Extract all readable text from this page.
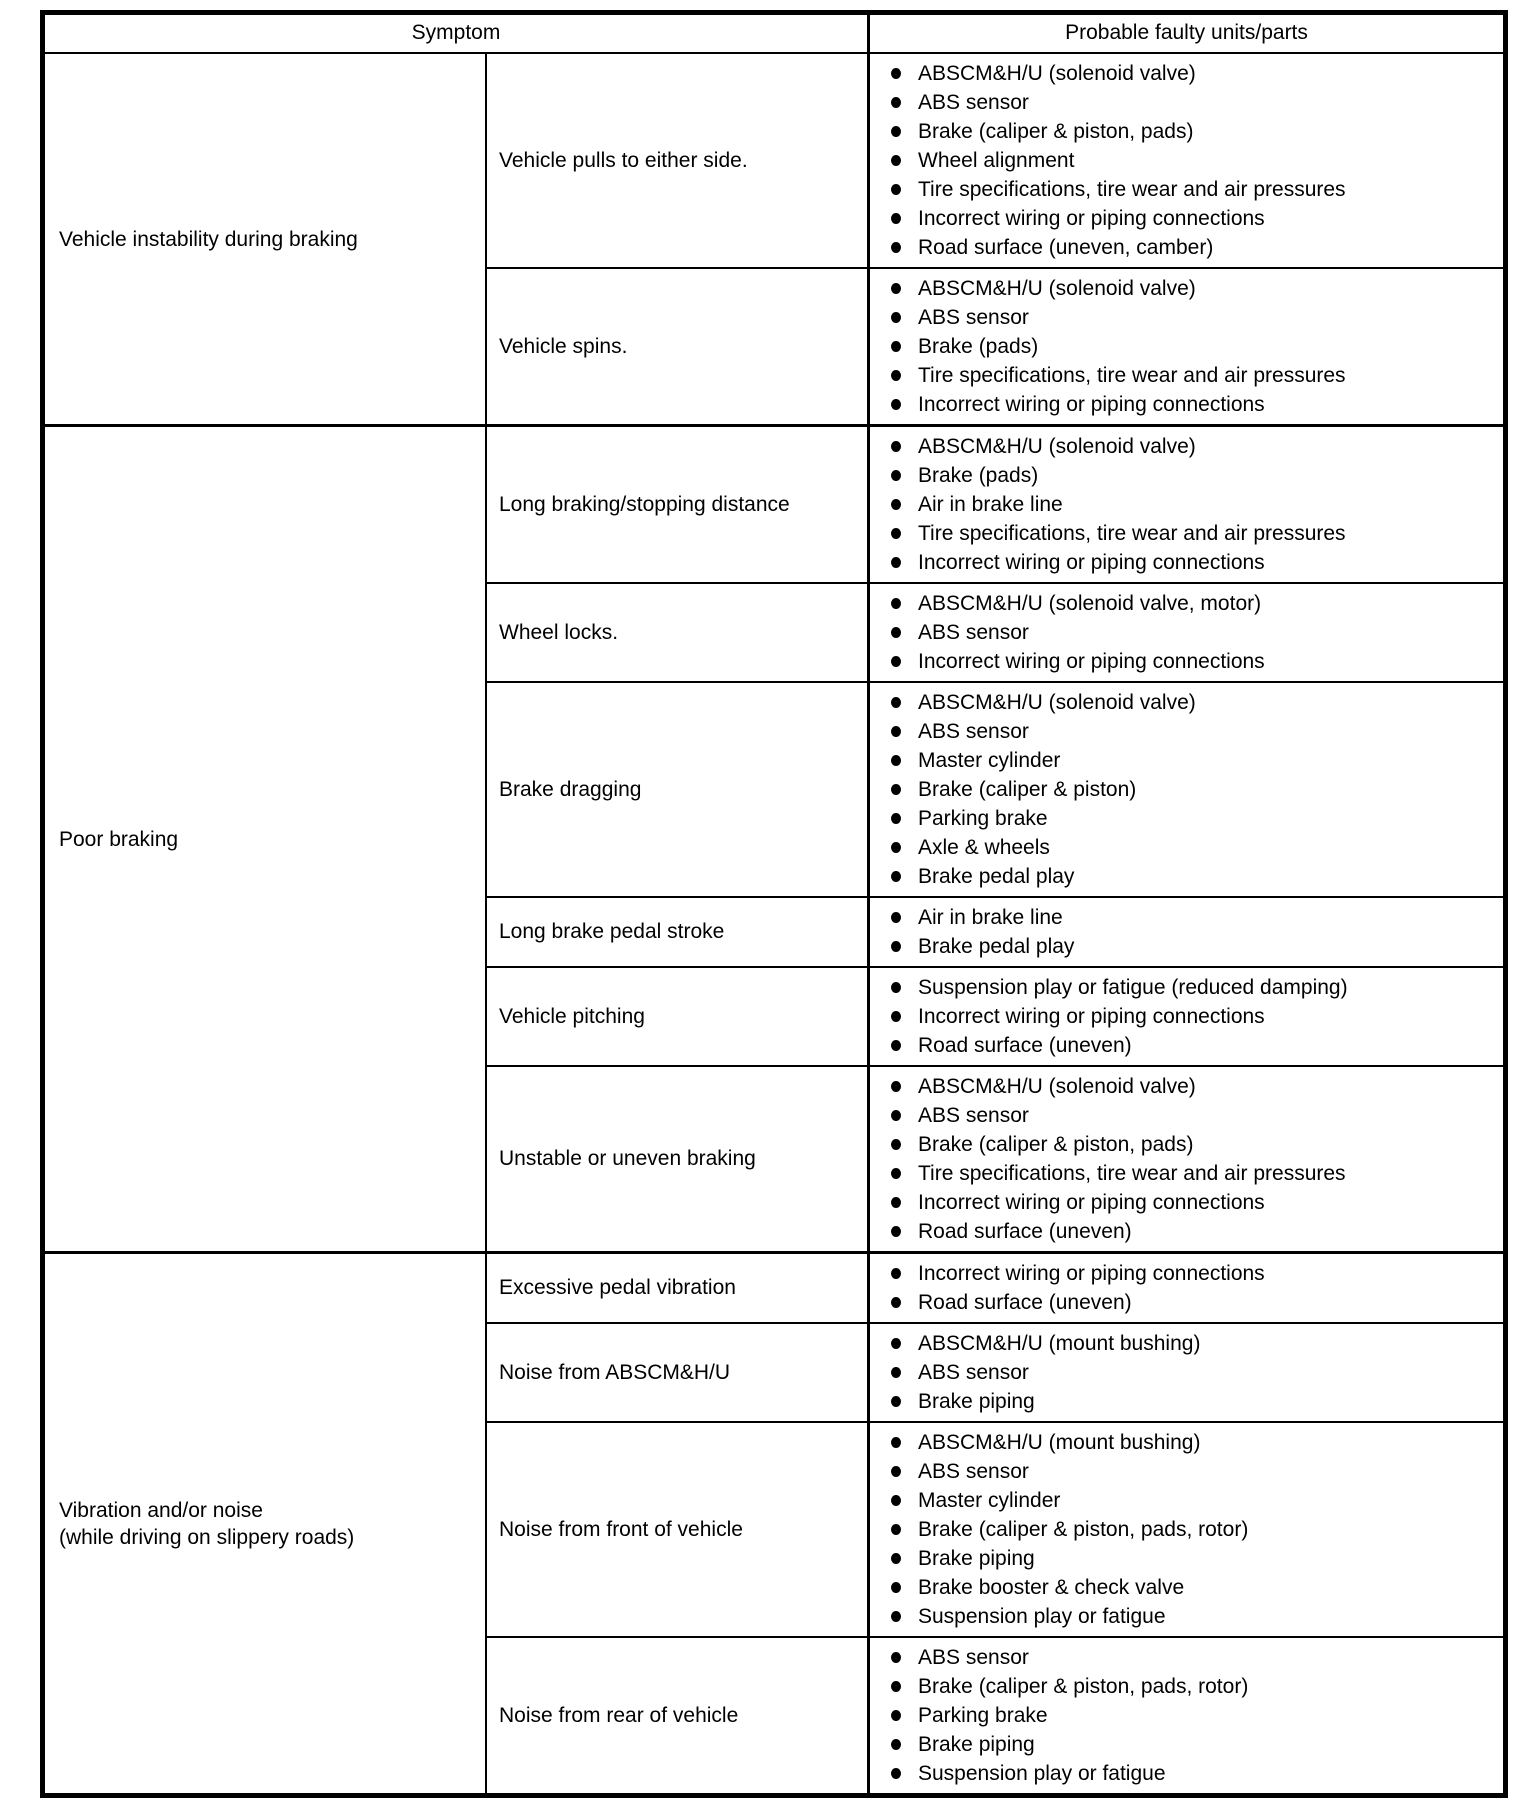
Symptom	Probable faulty units/parts
Vehicle instability during braking
Vehicle pulls to either side.
ABSCM&H/U (solenoid valve)
ABS sensor
Brake (caliper & piston, pads)
Wheel alignment
Tire specifications, tire wear and air pressures
Incorrect wiring or piping connections
Road surface (uneven, camber)
Vehicle spins.
ABSCM&H/U (solenoid valve)
ABS sensor
Brake (pads)
Tire specifications, tire wear and air pressures
Incorrect wiring or piping connections
Poor braking
Long braking/stopping distance
ABSCM&H/U (solenoid valve)
Brake (pads)
Air in brake line
Tire specifications, tire wear and air pressures
Incorrect wiring or piping connections
Wheel locks.
ABSCM&H/U (solenoid valve, motor)
ABS sensor
Incorrect wiring or piping connections
Brake dragging
ABSCM&H/U (solenoid valve)
ABS sensor
Master cylinder
Brake (caliper & piston)
Parking brake
Axle & wheels
Brake pedal play
Long brake pedal stroke
Air in brake line
Brake pedal play
Vehicle pitching
Suspension play or fatigue (reduced damping)
Incorrect wiring or piping connections
Road surface (uneven)
Unstable or uneven braking
ABSCM&H/U (solenoid valve)
ABS sensor
Brake (caliper & piston, pads)
Tire specifications, tire wear and air pressures
Incorrect wiring or piping connections
Road surface (uneven)
Vibration and/or noise
(while driving on slippery roads)
Excessive pedal vibration
Incorrect wiring or piping connections
Road surface (uneven)
Noise from ABSCM&H/U
ABSCM&H/U (mount bushing)
ABS sensor
Brake piping
Noise from front of vehicle
ABSCM&H/U (mount bushing)
ABS sensor
Master cylinder
Brake (caliper & piston, pads, rotor)
Brake piping
Brake booster & check valve
Suspension play or fatigue
Noise from rear of vehicle
ABS sensor
Brake (caliper & piston, pads, rotor)
Parking brake
Brake piping
Suspension play or fatigue
